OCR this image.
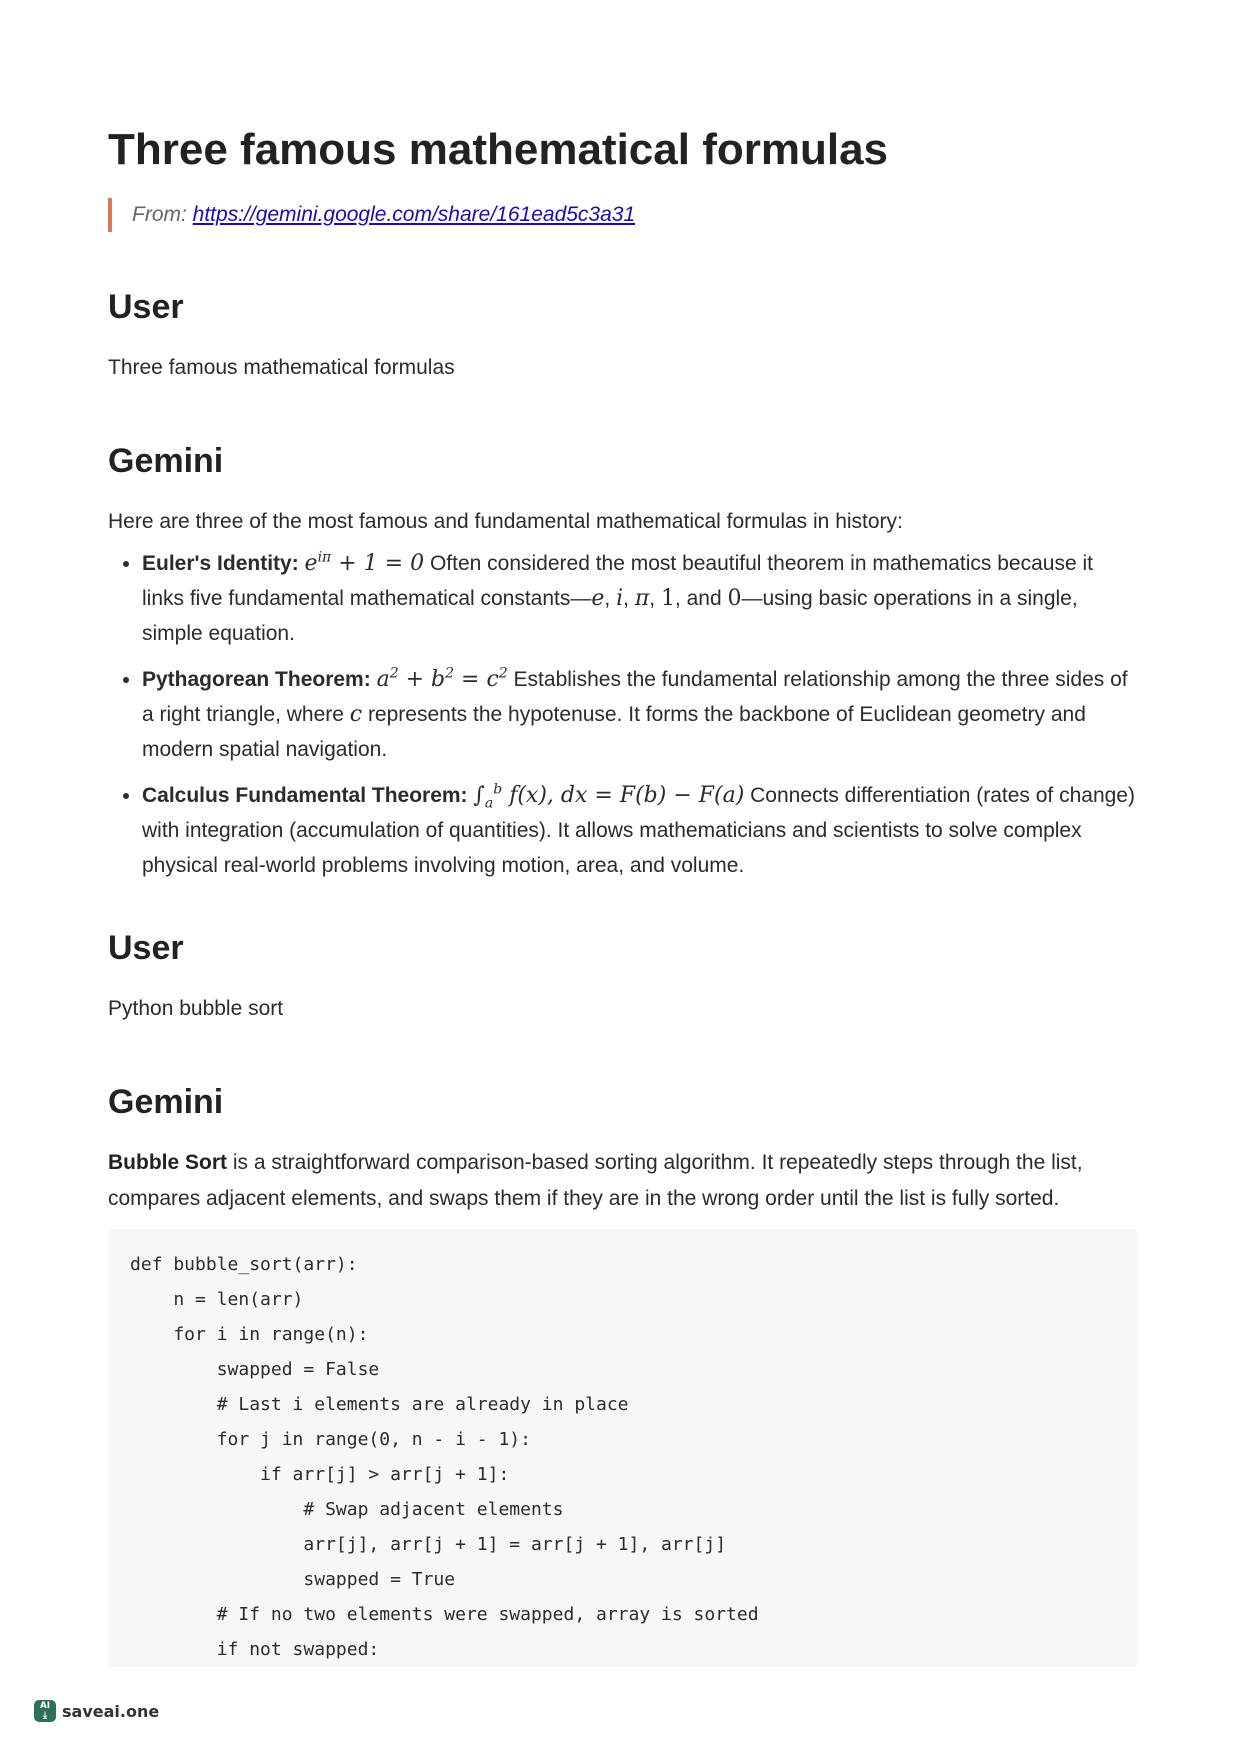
Three famous mathematical formulas
From: https://gemini.google.com/share/161ead5c3a31
User

Three famous mathematical formulas

Gemini

Here are three of the most famous and fundamental mathematical formulas in history:

• Euler's Identity: $e^{i\pi} + 1 = 0$ Often considered the most beautiful theorem in mathematics because it links five fundamental mathematical constants—e, i, π, 1, and 0—using basic operations in a single, simple equation.
• Pythagorean Theorem: $a^2 + b^2 = c^2$ Establishes the fundamental relationship among the three sides of a right triangle, where c represents the hypotenuse. It forms the backbone of Euclidean geometry and modern spatial navigation.
• Calculus Fundamental Theorem: $\int_a^b$ f(x), dx = F(b) − F(a) Connects differentiation (rates of change) with integration (accumulation of quantities). It allows mathematicians and scientists to solve complex physical real-world problems involving motion, area, and volume.
User

Python bubble sort

Gemini

Bubble Sort is a straightforward comparison-based sorting algorithm. It repeatedly steps through the list, compares adjacent elements, and swaps them if they are in the wrong order until the list is fully sorted.

def bubble_sort(arr):
n = len(arr)
for i in range(n):
swapped = False
# Last i elements are already in place
for j in range(0, n - i - 1):
if arr[j] > arr[j + 1]:
# Swap adjacent elements
arr[j], arr[j + 1] = arr[j + 1], arr[j]
swapped = True
# If no two elements were swapped, array is sorted
if not swapped:
AI
⤓ saveai.one
